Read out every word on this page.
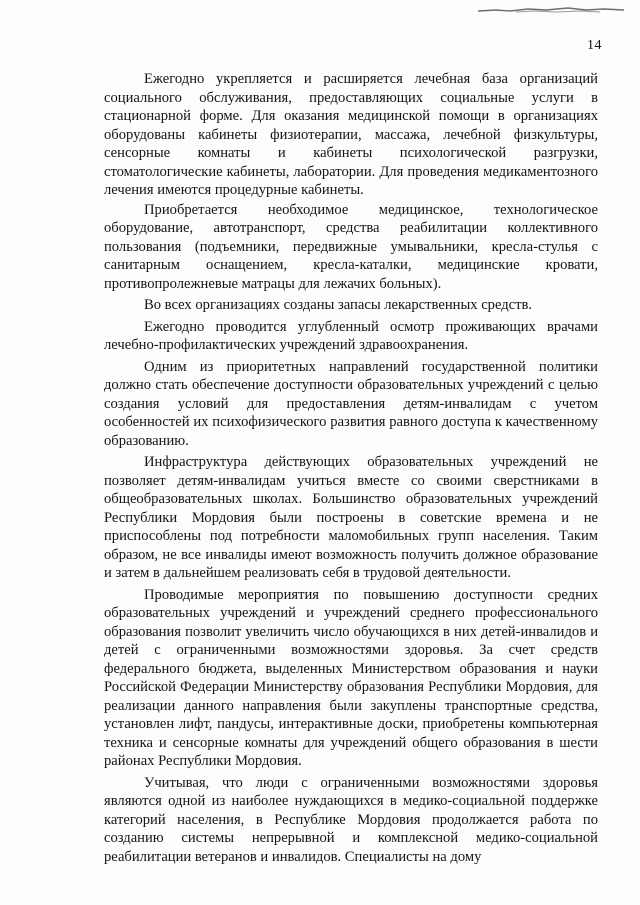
14

Ежегодно укрепляется и расширяется лечебная база организаций социального обслуживания, предоставляющих социальные услуги в стационарной форме. Для оказания медицинской помощи в организациях оборудованы кабинеты физиотерапии, массажа, лечебной физкультуры, сенсорные комнаты и кабинеты психологической разгрузки, стоматологические кабинеты, лаборатории. Для проведения медикаментозного лечения имеются процедурные кабинеты.

Приобретается необходимое медицинское, технологическое оборудование, автотранспорт, средства реабилитации коллективного пользования (подъемники, передвижные умывальники, кресла-стулья с санитарным оснащением, кресла-каталки, медицинские кровати, противопролежневые матрацы для лежачих больных).

Во всех организациях созданы запасы лекарственных средств.

Ежегодно проводится углубленный осмотр проживающих врачами лечебно-профилактических учреждений здравоохранения.

Одним из приоритетных направлений государственной политики должно стать обеспечение доступности образовательных учреждений с целью создания условий для предоставления детям-инвалидам с учетом особенностей их психофизического развития равного доступа к качественному образованию.

Инфраструктура действующих образовательных учреждений не позволяет детям-инвалидам учиться вместе со своими сверстниками в общеобразовательных школах. Большинство образовательных учреждений Республики Мордовия были построены в советские времена и не приспособлены под потребности маломобильных групп населения. Таким образом, не все инвалиды имеют возможность получить должное образование и затем в дальнейшем реализовать себя в трудовой деятельности.

Проводимые мероприятия по повышению доступности средних образовательных учреждений и учреждений среднего профессионального образования позволит увеличить число обучающихся в них детей-инвалидов и детей с ограниченными возможностями здоровья. За счет средств федерального бюджета, выделенных Министерством образования и науки Российской Федерации Министерству образования Республики Мордовия, для реализации данного направления были закуплены транспортные средства, установлен лифт, пандусы, интерактивные доски, приобретены компьютерная техника и сенсорные комнаты для учреждений общего образования в шести районах Республики Мордовия.

Учитывая, что люди с ограниченными возможностями здоровья являются одной из наиболее нуждающихся в медико-социальной поддержке категорий населения, в Республике Мордовия продолжается работа по созданию системы непрерывной и комплексной медико-социальной реабилитации ветеранов и инвалидов. Специалисты на дому
